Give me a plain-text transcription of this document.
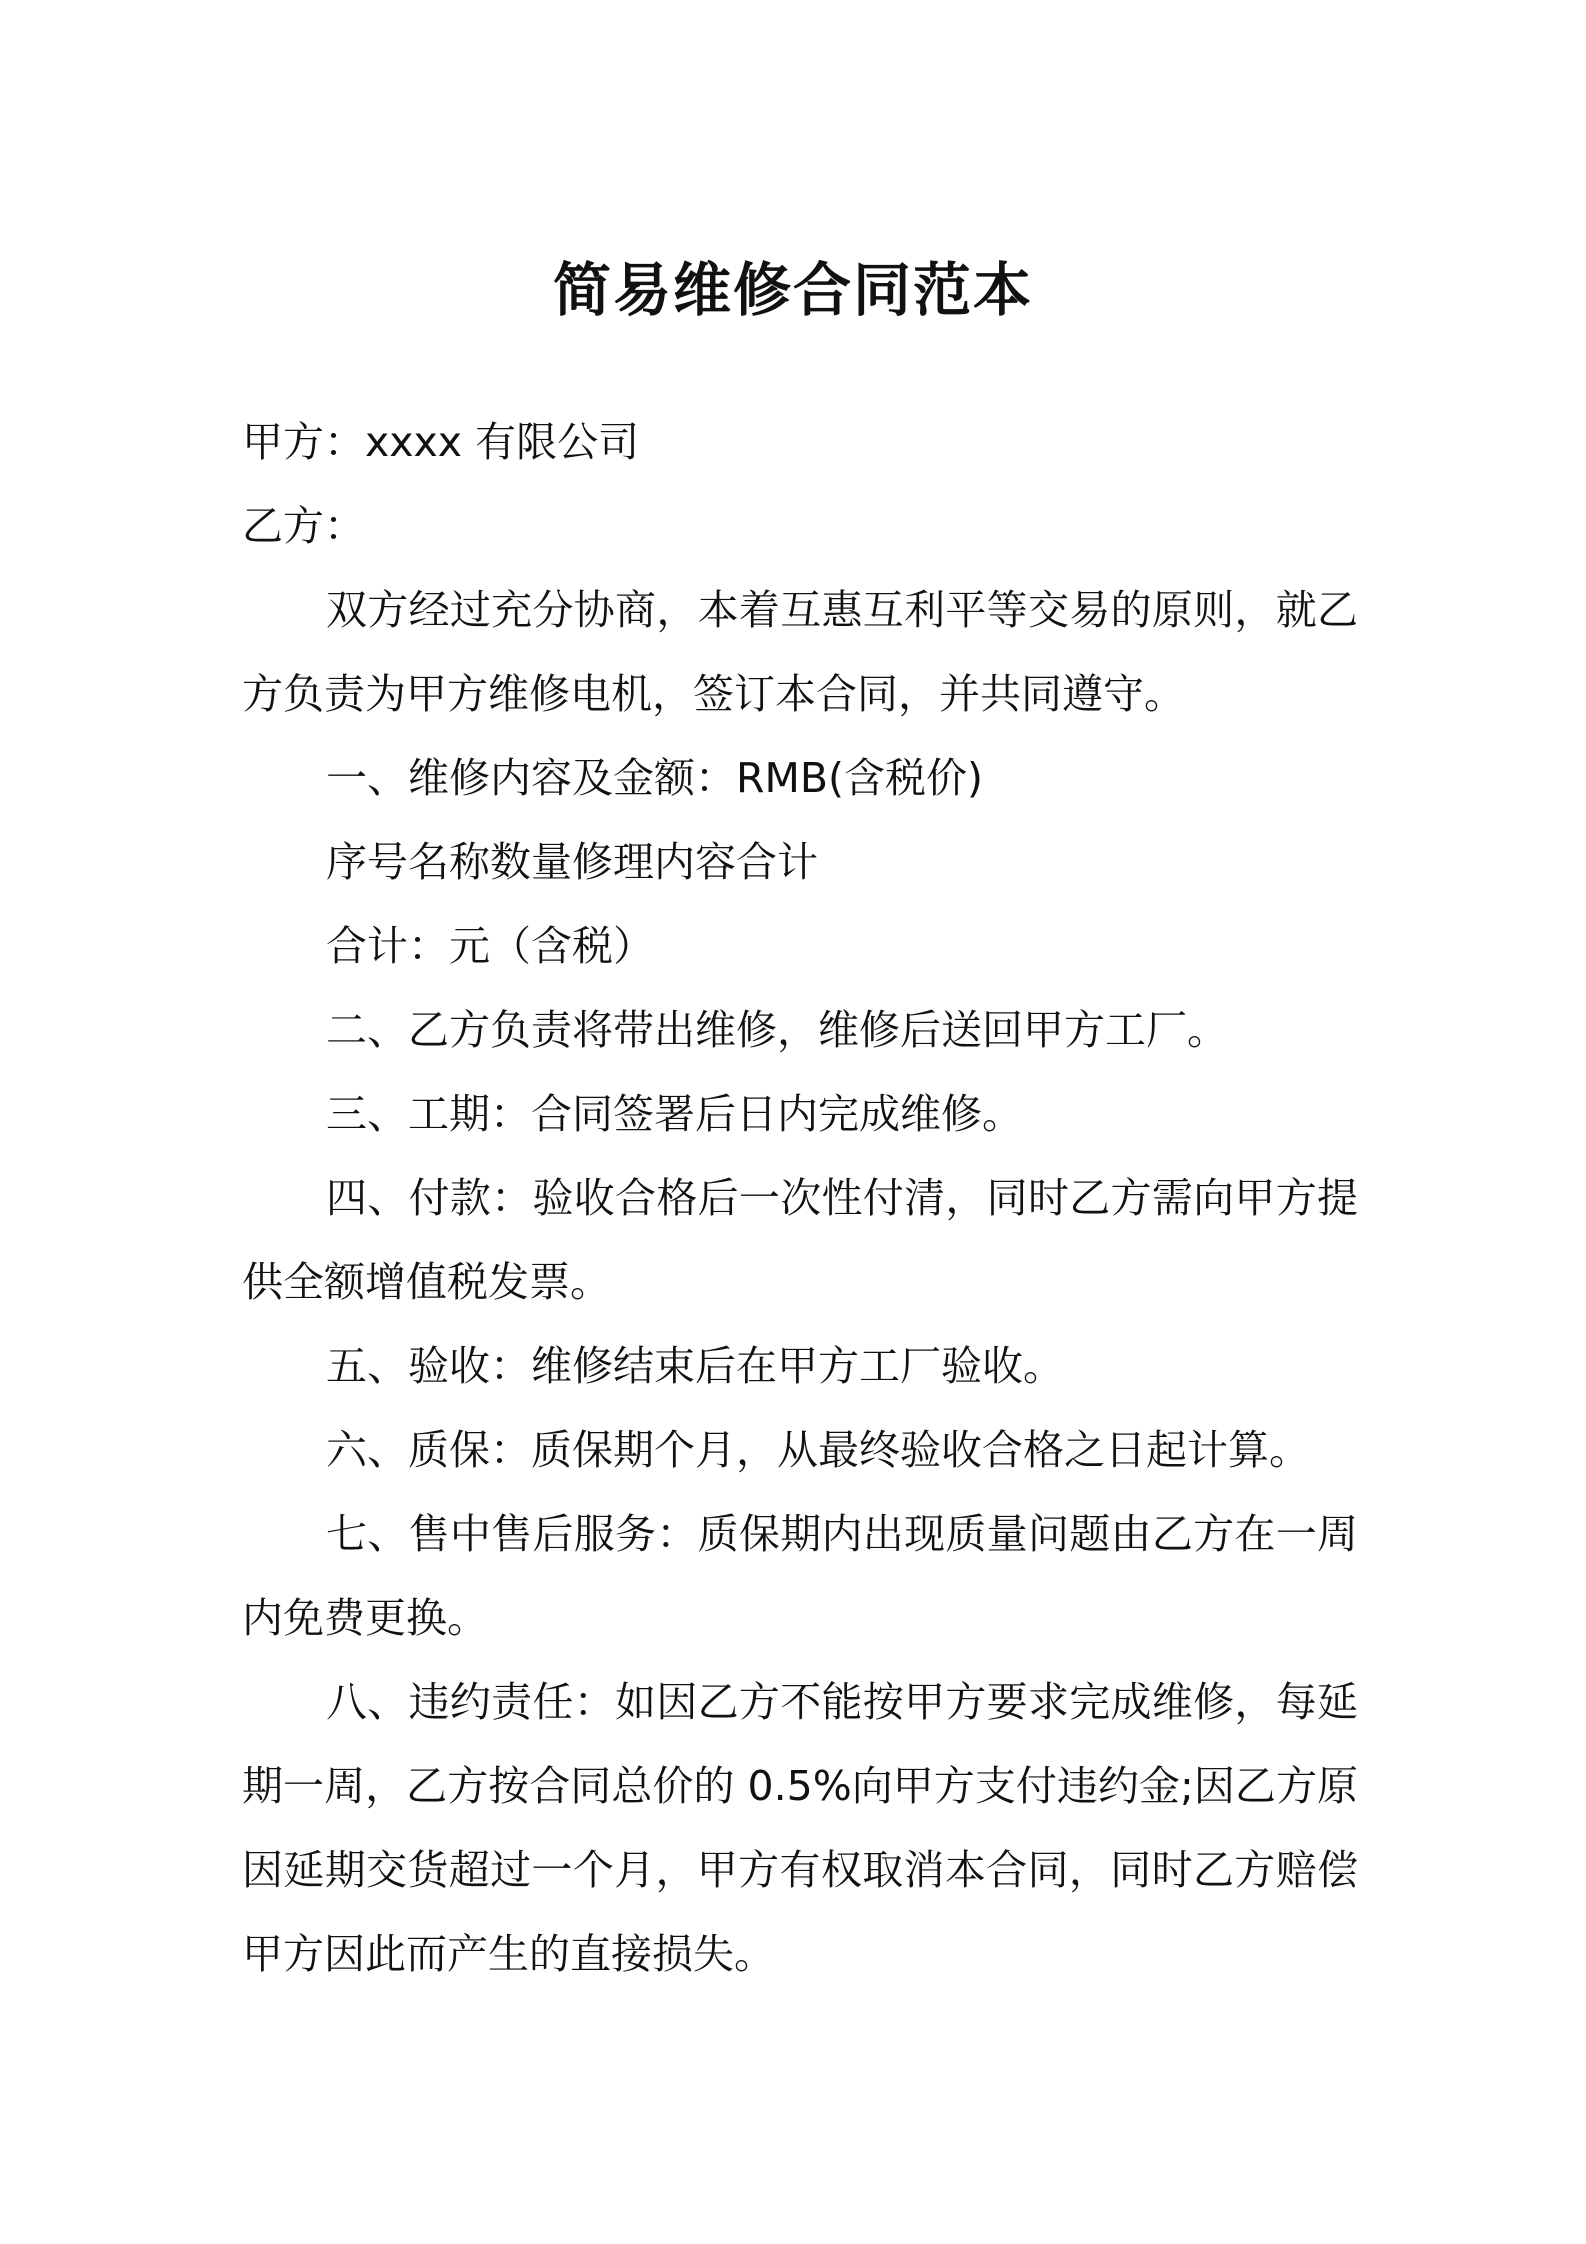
简易维修合同范本

甲方：xxxx 有限公司

乙方：

双方经过充分协商，本着互惠互利平等交易的原则，就乙方负责为甲方维修电机，签订本合同，并共同遵守。

一、维修内容及金额：RMB(含税价)

序号名称数量修理内容合计

合计：元（含税）

二、乙方负责将带出维修，维修后送回甲方工厂。

三、工期：合同签署后日内完成维修。

四、付款：验收合格后一次性付清，同时乙方需向甲方提供全额增值税发票。

五、验收：维修结束后在甲方工厂验收。

六、质保：质保期个月，从最终验收合格之日起计算。

七、售中售后服务：质保期内出现质量问题由乙方在一周内免费更换。

八、违约责任：如因乙方不能按甲方要求完成维修，每延期一周，乙方按合同总价的 0.5%向甲方支付违约金;因乙方原因延期交货超过一个月，甲方有权取消本合同，同时乙方赔偿甲方因此而产生的直接损失。
